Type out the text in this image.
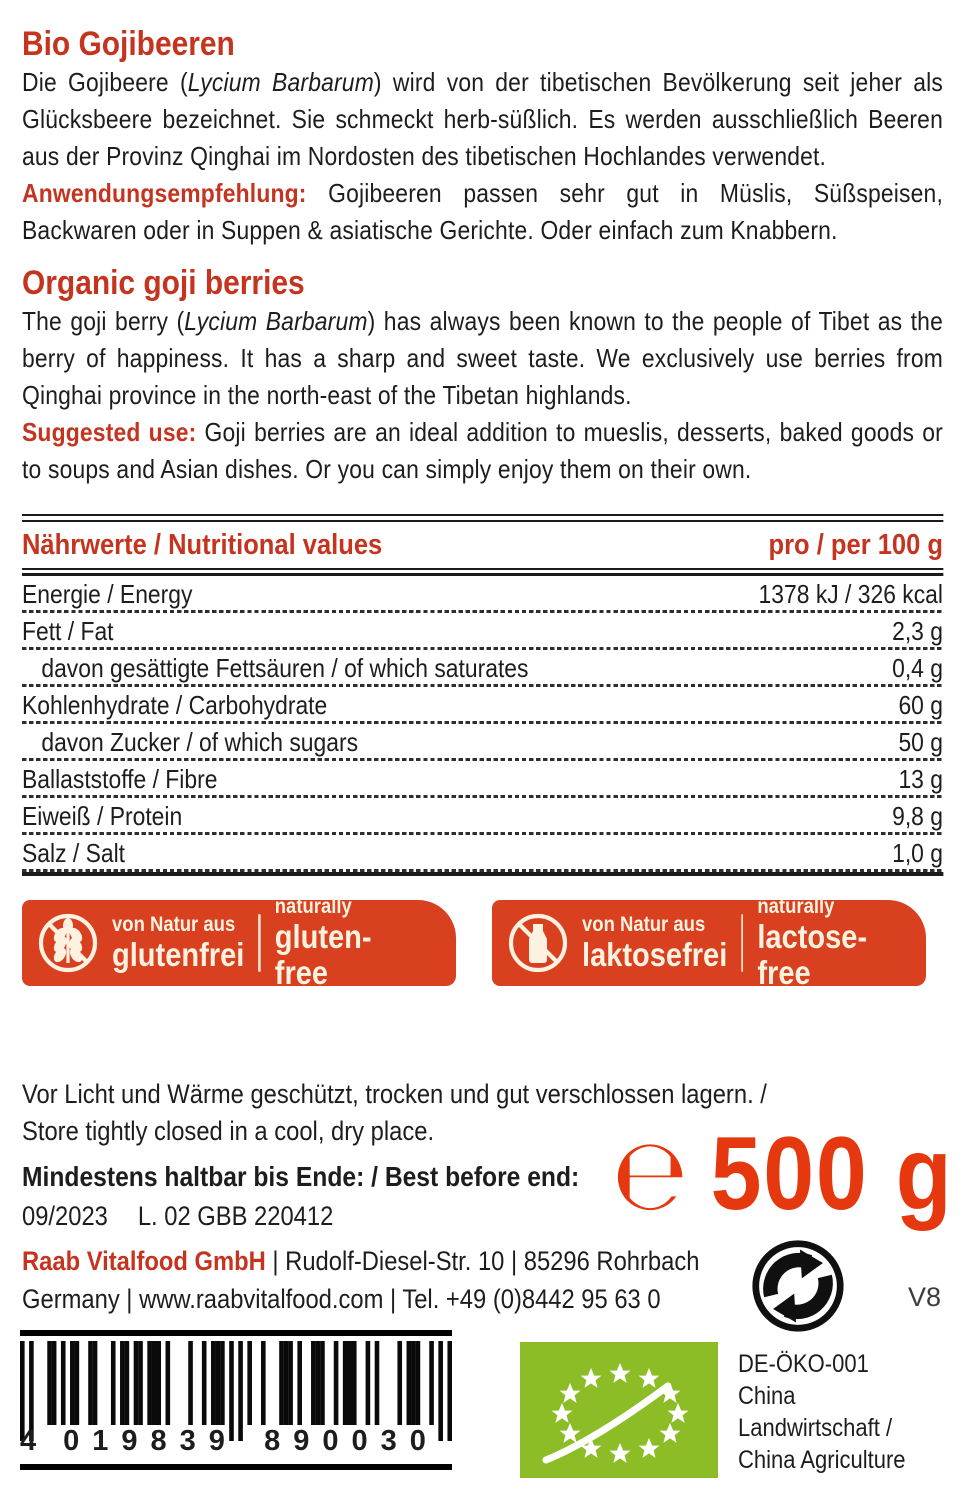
Bio Gojibeeren

Die Gojibeere (Lycium Barbarum) wird von der tibetischen Bevölkerung seit jeher als Glücksbeere bezeichnet. Sie schmeckt herb-süßlich. Es werden ausschließlich Beeren aus der Provinz Qinghai im Nordosten des tibetischen Hochlandes verwendet.

Anwendungsempfehlung: Gojibeeren passen sehr gut in Müslis, Süßspeisen, Backwaren oder in Suppen & asiatische Gerichte. Oder einfach zum Knabbern.

Organic goji berries

The goji berry (Lycium Barbarum) has always been known to the people of Tibet as the berry of happiness. It has a sharp and sweet taste. We exclusively use berries from Qinghai province in the north-east of the Tibetan highlands.

Suggested use: Goji berries are an ideal addition to mueslis, desserts, baked goods or to soups and Asian dishes. Or you can simply enjoy them on their own.

Nährwerte / Nutritional values	pro / per 100 g
Energie / Energy	1378 kJ / 326 kcal
Fett / Fat	2,3 g
davon gesättigte Fettsäuren / of which saturates	0,4 g
Kohlenhydrate / Carbohydrate	60 g
davon Zucker / of which sugars	50 g
Ballaststoffe / Fibre	13 g
Eiweiß / Protein	9,8 g
Salz / Salt	1,0 g
von Natur aus
glutenfrei
naturally
gluten-free
von Natur aus
laktosefrei
naturally
lactose-free
Vor Licht und Wärme geschützt, trocken und gut verschlossen lagern. /
Store tightly closed in a cool, dry place.
Mindestens haltbar bis Ende: / Best before end:
09/2023 L. 02 GBB 220412	℮ 500 g
Raab Vitalfood GmbH | Rudolf-Diesel-Str. 10 | 85296 Rohrbach
Germany | www.raabvitalfood.com | Tel. +49 (0)8442 95 63 0	V8
4 019839 890030
DE-ÖKO-001
China
Landwirtschaft /
China Agriculture
